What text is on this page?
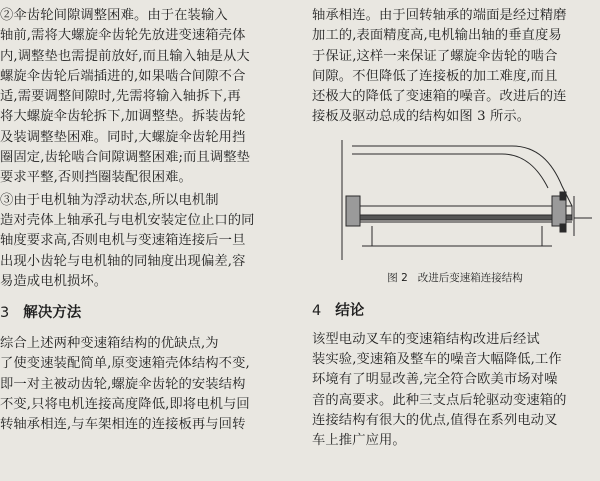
②伞齿轮间隙调整困难。由于在装输入
轴前,需将大螺旋伞齿轮先放进变速箱壳体
内,调整垫也需提前放好,而且输入轴是从大
螺旋伞齿轮后端插进的,如果啮合间隙不合
适,需要调整间隙时,先需将输入轴拆下,再
将大螺旋伞齿轮拆下,加调整垫。拆装齿轮
及装调整垫困难。同时,大螺旋伞齿轮用挡
圈固定,齿轮啮合间隙调整困难;而且调整垫
要求平整,否则挡圈装配很困难。

③由于电机轴为浮动状态,所以电机制
造对壳体上轴承孔与电机安装定位止口的同
轴度要求高,否则电机与变速箱连接后一旦
出现小齿轮与电机轴的同轴度出现偏差,容
易造成电机损坏。

3 解决方法

综合上述两种变速箱结构的优缺点,为
了使变速装配简单,原变速箱壳体结构不变,
即一对主被动齿轮,螺旋伞齿轮的安装结构
不变,只将电机连接高度降低,即将电机与回
转轴承相连,与车架相连的连接板再与回转

轴承相连。由于回转轴承的端面是经过精磨
加工的,表面精度高,电机输出轴的垂直度易
于保证,这样一来保证了螺旋伞齿轮的啮合
间隙。不但降低了连接板的加工难度,而且
还极大的降低了变速箱的噪音。改进后的连
接板及驱动总成的结构如图 3 所示。

图 2 改进后变速箱连接结构

4 结论

该型电动叉车的变速箱结构改进后经试
装实验,变速箱及整车的噪音大幅降低,工作
环境有了明显改善,完全符合欧美市场对噪
音的高要求。此种三支点后轮驱动变速箱的
连接结构有很大的优点,值得在系列电动叉
车上推广应用。
